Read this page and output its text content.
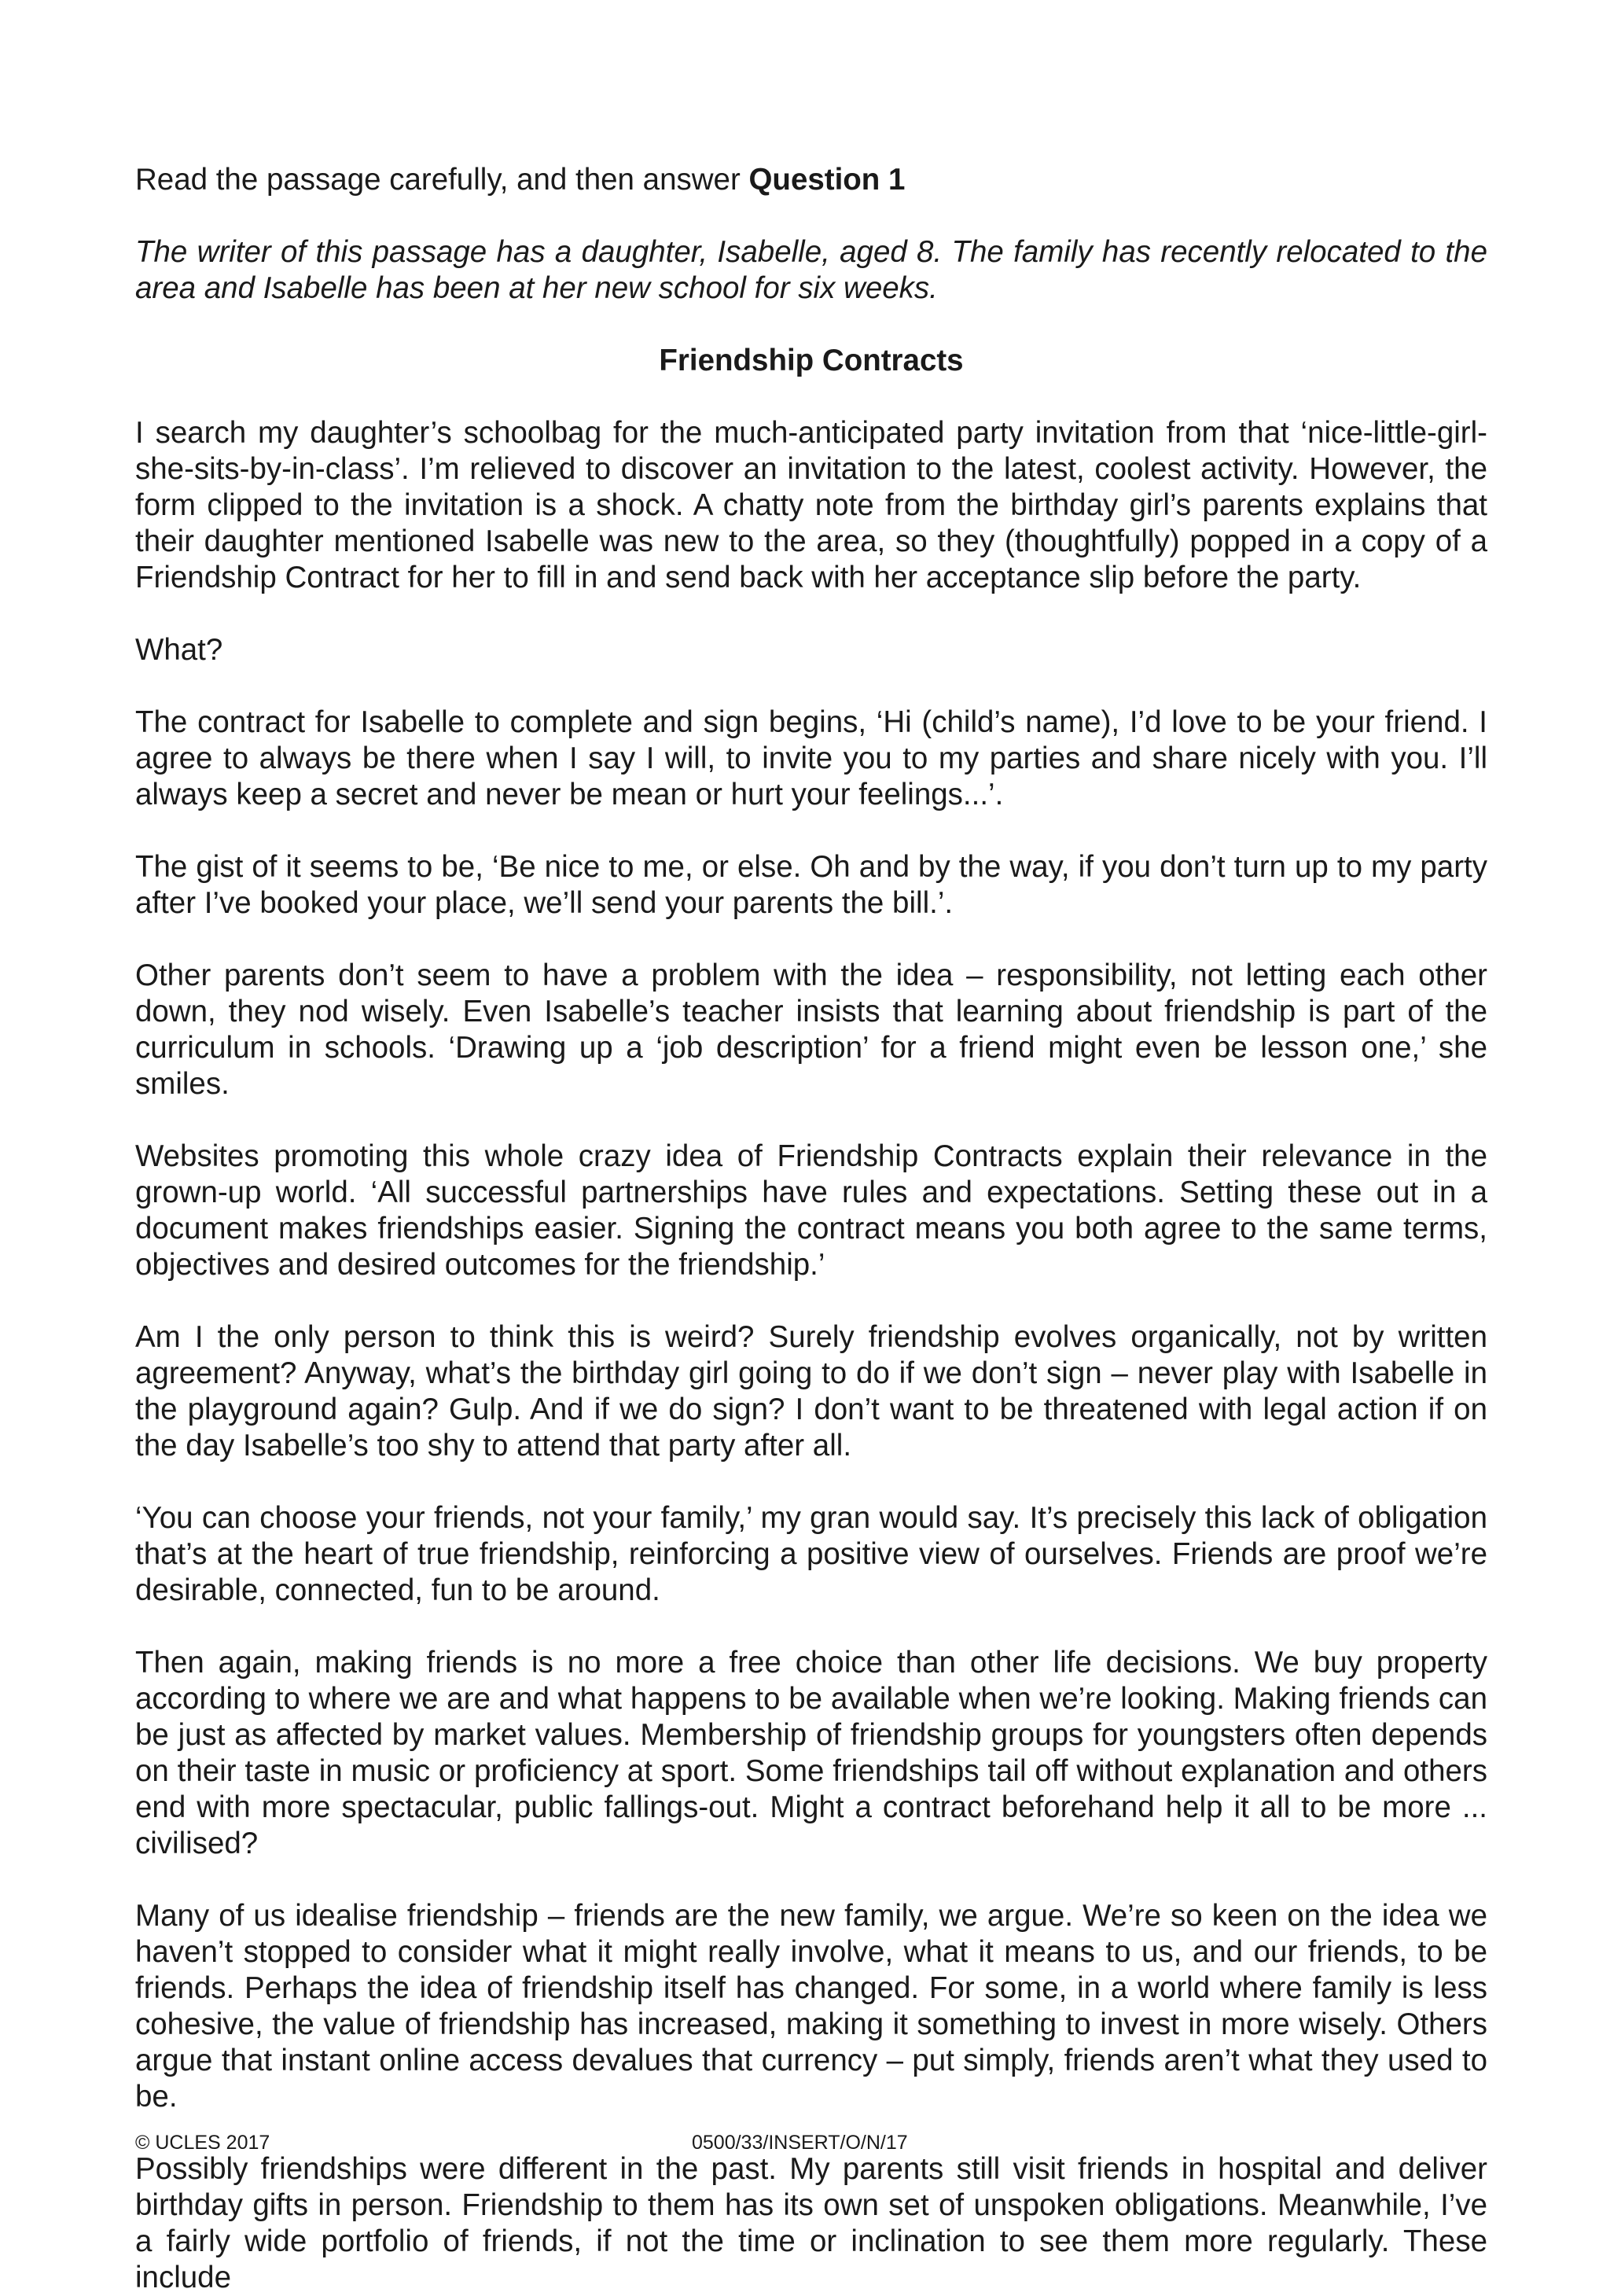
Read the passage carefully, and then answer Question 1

The writer of this passage has a daughter, Isabelle, aged 8. The family has recently relocated to the area and Isabelle has been at her new school for six weeks.

Friendship Contracts

I search my daughter’s schoolbag for the much-anticipated party invitation from that ‘nice-little-girl-she-sits-by-in-class’. I’m relieved to discover an invitation to the latest, coolest activity. However, the form clipped to the invitation is a shock. A chatty note from the birthday girl’s parents explains that their daughter mentioned Isabelle was new to the area, so they (thoughtfully) popped in a copy of a Friendship Contract for her to fill in and send back with her acceptance slip before the party.

What?

The contract for Isabelle to complete and sign begins, ‘Hi (child’s name), I’d love to be your friend. I agree to always be there when I say I will, to invite you to my parties and share nicely with you. I’ll always keep a secret and never be mean or hurt your feelings...’.

The gist of it seems to be, ‘Be nice to me, or else. Oh and by the way, if you don’t turn up to my party after I’ve booked your place, we’ll send your parents the bill.’.

Other parents don’t seem to have a problem with the idea – responsibility, not letting each other down, they nod wisely. Even Isabelle’s teacher insists that learning about friendship is part of the curriculum in schools. ‘Drawing up a ‘job description’ for a friend might even be lesson one,’ she smiles.

Websites promoting this whole crazy idea of Friendship Contracts explain their relevance in the grown-up world. ‘All successful partnerships have rules and expectations. Setting these out in a document makes friendships easier. Signing the contract means you both agree to the same terms, objectives and desired outcomes for the friendship.’

Am I the only person to think this is weird? Surely friendship evolves organically, not by written agreement? Anyway, what’s the birthday girl going to do if we don’t sign – never play with Isabelle in the playground again? Gulp. And if we do sign? I don’t want to be threatened with legal action if on the day Isabelle’s too shy to attend that party after all.

‘You can choose your friends, not your family,’ my gran would say. It’s precisely this lack of obligation that’s at the heart of true friendship, reinforcing a positive view of ourselves. Friends are proof we’re desirable, connected, fun to be around.

Then again, making friends is no more a free choice than other life decisions. We buy property according to where we are and what happens to be available when we’re looking. Making friends can be just as affected by market values. Membership of friendship groups for youngsters often depends on their taste in music or proficiency at sport. Some friendships tail off without explanation and others end with more spectacular, public fallings-out. Might a contract beforehand help it all to be more ... civilised?

Many of us idealise friendship – friends are the new family, we argue. We’re so keen on the idea we haven’t stopped to consider what it might really involve, what it means to us, and our friends, to be friends. Perhaps the idea of friendship itself has changed. For some, in a world where family is less cohesive, the value of friendship has increased, making it something to invest in more wisely. Others argue that instant online access devalues that currency – put simply, friends aren’t what they used to be.

Possibly friendships were different in the past. My parents still visit friends in hospital and deliver birthday gifts in person. Friendship to them has its own set of unspoken obligations. Meanwhile, I’ve a fairly wide portfolio of friends, if not the time or inclination to see them more regularly. These include

© UCLES 2017	0500/33/INSERT/O/N/17
